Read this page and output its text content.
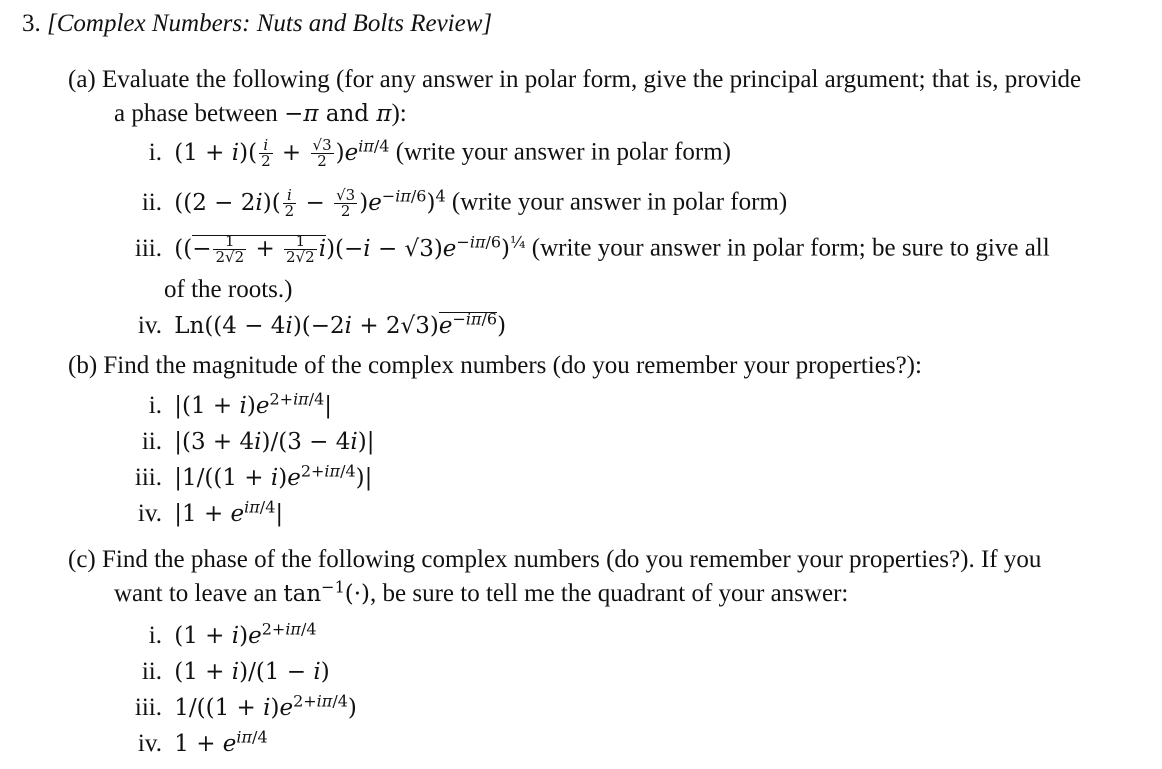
3. [Complex Numbers: Nuts and Bolts Review]
(a) Evaluate the following (for any answer in polar form, give the principal argument; that is, provide
a phase between −π and π):
i. $(1 + i)( \frac{i}{2} + \frac{√3}{2} )e^{i\pi/4}$ (write your answer in polar form)
ii. $((2 - 2i)( \frac{i}{2} - \frac{√3}{2} )e^{-i\pi/6})^4$ (write your answer in polar form)
iii. ((− $\frac{1}{2√2} + \frac{1}{2√2} i)(-i - √3)e^{-i\pi/6})^{\frac{1}{4}}$ (write your answer in polar form; be sure to give all
of the roots.)
iv. $Ln((4 - 4i)(-2i + 2√3)e^{-i\pi/6})$
(b) Find the magnitude of the complex numbers (do you remember your properties?):
i. $|(1 + i)e^{2+i\pi/4}|$
ii. |(3 + 4i)/(3 − 4i)|
iii. $|1/((1 + i)e^{2+i\pi/4})|$
iv. $|1 + e^{i\pi/4}|$
(c) Find the phase of the following complex numbers (do you remember your properties?). If you
want to leave an $\tan^{-1}(\cdot)$, be sure to tell me the quadrant of your answer:
i. $(1 + i)e^{2+i\pi/4}$
ii. (1 + i)/(1 − i)
iii. $1/((1 + i)e^{2+i\pi/4})$
iv. $1 + e^{i\pi/4}$
